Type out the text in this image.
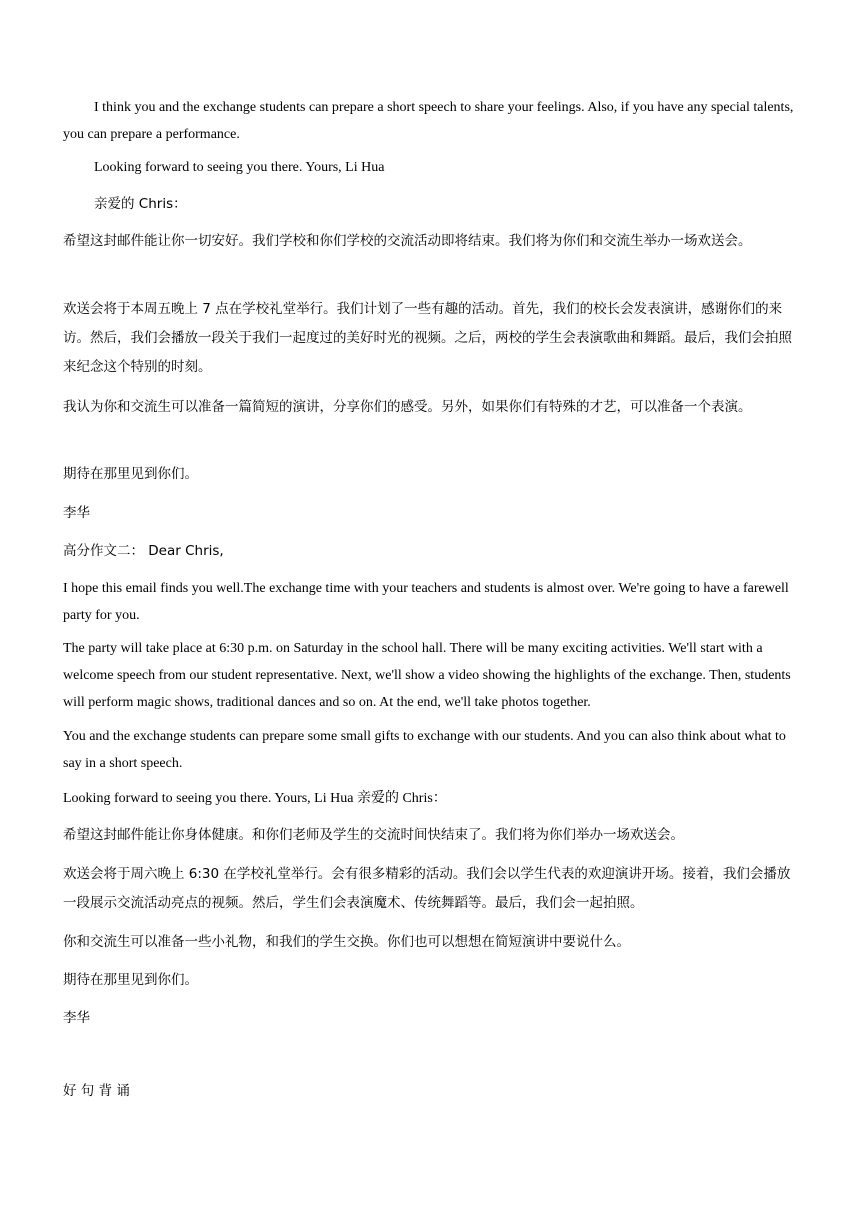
I think you and the exchange students can prepare a short speech to share your feelings. Also, if you have any special talents, you can prepare a performance.

Looking forward to seeing you there. Yours, Li Hua

亲爱的 Chris：

希望这封邮件能让你一切安好。我们学校和你们学校的交流活动即将结束。我们将为你们和交流生举办一场欢送会。

欢送会将于本周五晚上 7 点在学校礼堂举行。我们计划了一些有趣的活动。首先，我们的校长会发表演讲，感谢你们的来访。然后，我们会播放一段关于我们一起度过的美好时光的视频。之后，两校的学生会表演歌曲和舞蹈。最后，我们会拍照来纪念这个特别的时刻。

我认为你和交流生可以准备一篇简短的演讲，分享你们的感受。另外，如果你们有特殊的才艺，可以准备一个表演。

期待在那里见到你们。

李华

高分作文二： Dear Chris,

I hope this email finds you well.The exchange time with your teachers and students is almost over. We're going to have a farewell party for you.

The party will take place at 6:30 p.m. on Saturday in the school hall. There will be many exciting activities. We'll start with a welcome speech from our student representative. Next, we'll show a video showing the highlights of the exchange. Then, students will perform magic shows, traditional dances and so on. At the end, we'll take photos together.

You and the exchange students can prepare some small gifts to exchange with our students. And you can also think about what to say in a short speech.

Looking forward to seeing you there. Yours, Li Hua 亲爱的 Chris：

希望这封邮件能让你身体健康。和你们老师及学生的交流时间快结束了。我们将为你们举办一场欢送会。

欢送会将于周六晚上 6:30 在学校礼堂举行。会有很多精彩的活动。我们会以学生代表的欢迎演讲开场。接着，我们会播放一段展示交流活动亮点的视频。然后，学生们会表演魔术、传统舞蹈等。最后，我们会一起拍照。

你和交流生可以准备一些小礼物，和我们的学生交换。你们也可以想想在简短演讲中要说什么。

期待在那里见到你们。

李华

好 句 背 诵
